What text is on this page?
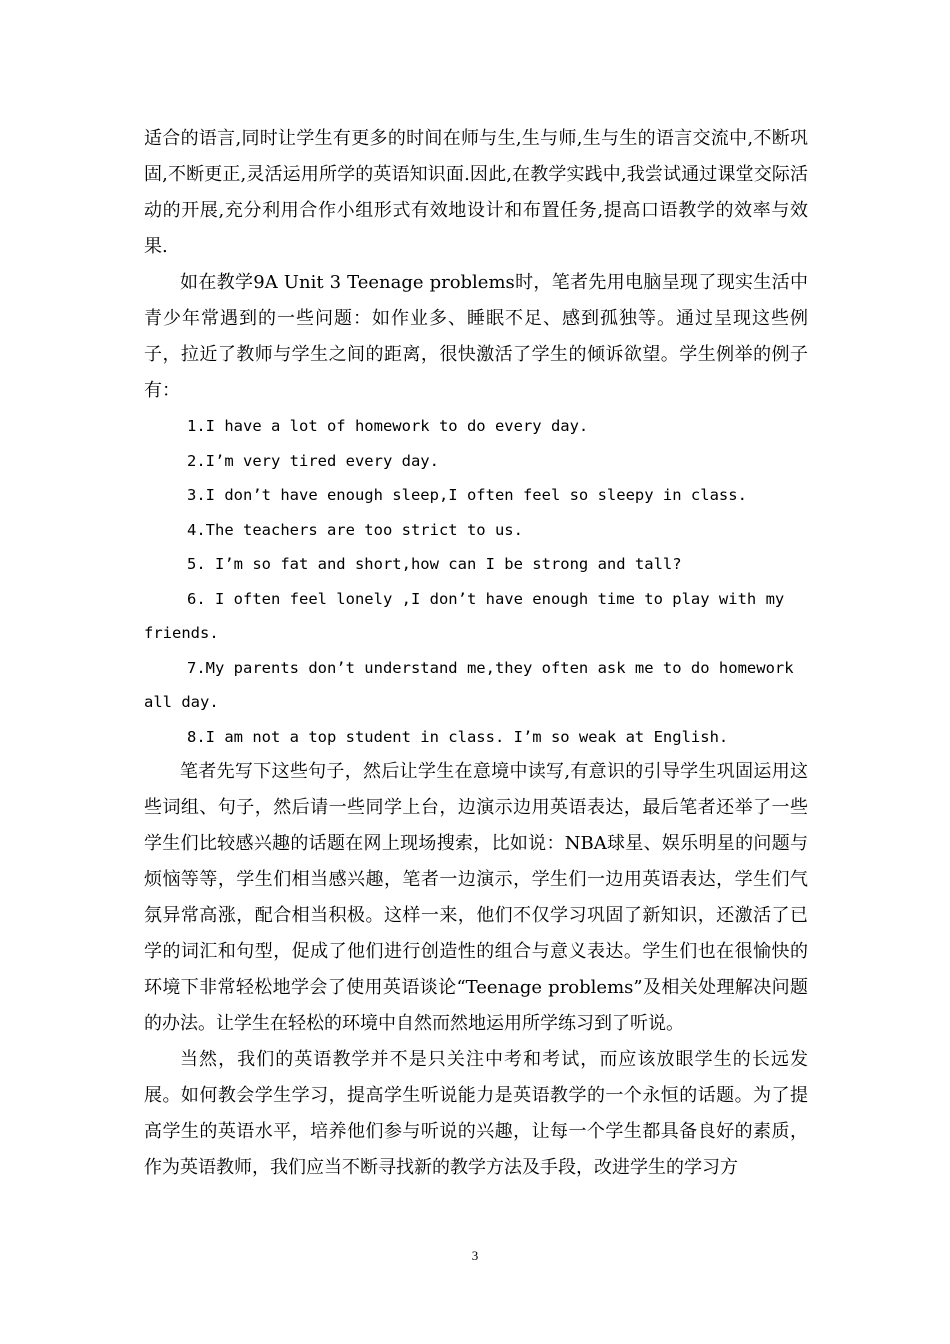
适合的语言,同时让学生有更多的时间在师与生,生与师,生与生的语言交流中,不断巩固,不断更正,灵活运用所学的英语知识面.因此,在教学实践中,我尝试通过课堂交际活动的开展,充分利用合作小组形式有效地设计和布置任务,提高口语教学的效率与效果.

如在教学9A Unit 3 Teenage problems时，笔者先用电脑呈现了现实生活中青少年常遇到的一些问题：如作业多、睡眠不足、感到孤独等。通过呈现这些例子，拉近了教师与学生之间的距离，很快激活了学生的倾诉欲望。学生例举的例子有：

1.I have a lot of homework to do every day.

2.I’m very tired every day.

3.I don’t have enough sleep,I often feel so sleepy in class.

4.The teachers are too strict to us.

5. I’m so fat and short,how can I be strong and tall?

6. I often feel lonely ,I don’t have enough time to play with my friends.

7.My parents don’t understand me,they often ask me to do homework all day.

8.I am not a top student in class. I’m so weak at English.

笔者先写下这些句子，然后让学生在意境中读写,有意识的引导学生巩固运用这些词组、句子，然后请一些同学上台，边演示边用英语表达，最后笔者还举了一些学生们比较感兴趣的话题在网上现场搜索，比如说：NBA球星、娱乐明星的问题与烦恼等等，学生们相当感兴趣，笔者一边演示，学生们一边用英语表达，学生们气氛异常高涨，配合相当积极。这样一来，他们不仅学习巩固了新知识，还激活了已学的词汇和句型，促成了他们进行创造性的组合与意义表达。学生们也在很愉快的环境下非常轻松地学会了使用英语谈论“Teenage problems”及相关处理解决问题的办法。让学生在轻松的环境中自然而然地运用所学练习到了听说。

当然，我们的英语教学并不是只关注中考和考试，而应该放眼学生的长远发展。如何教会学生学习，提高学生听说能力是英语教学的一个永恒的话题。为了提高学生的英语水平，培养他们参与听说的兴趣，让每一个学生都具备良好的素质，作为英语教师，我们应当不断寻找新的教学方法及手段，改进学生的学习方

3
